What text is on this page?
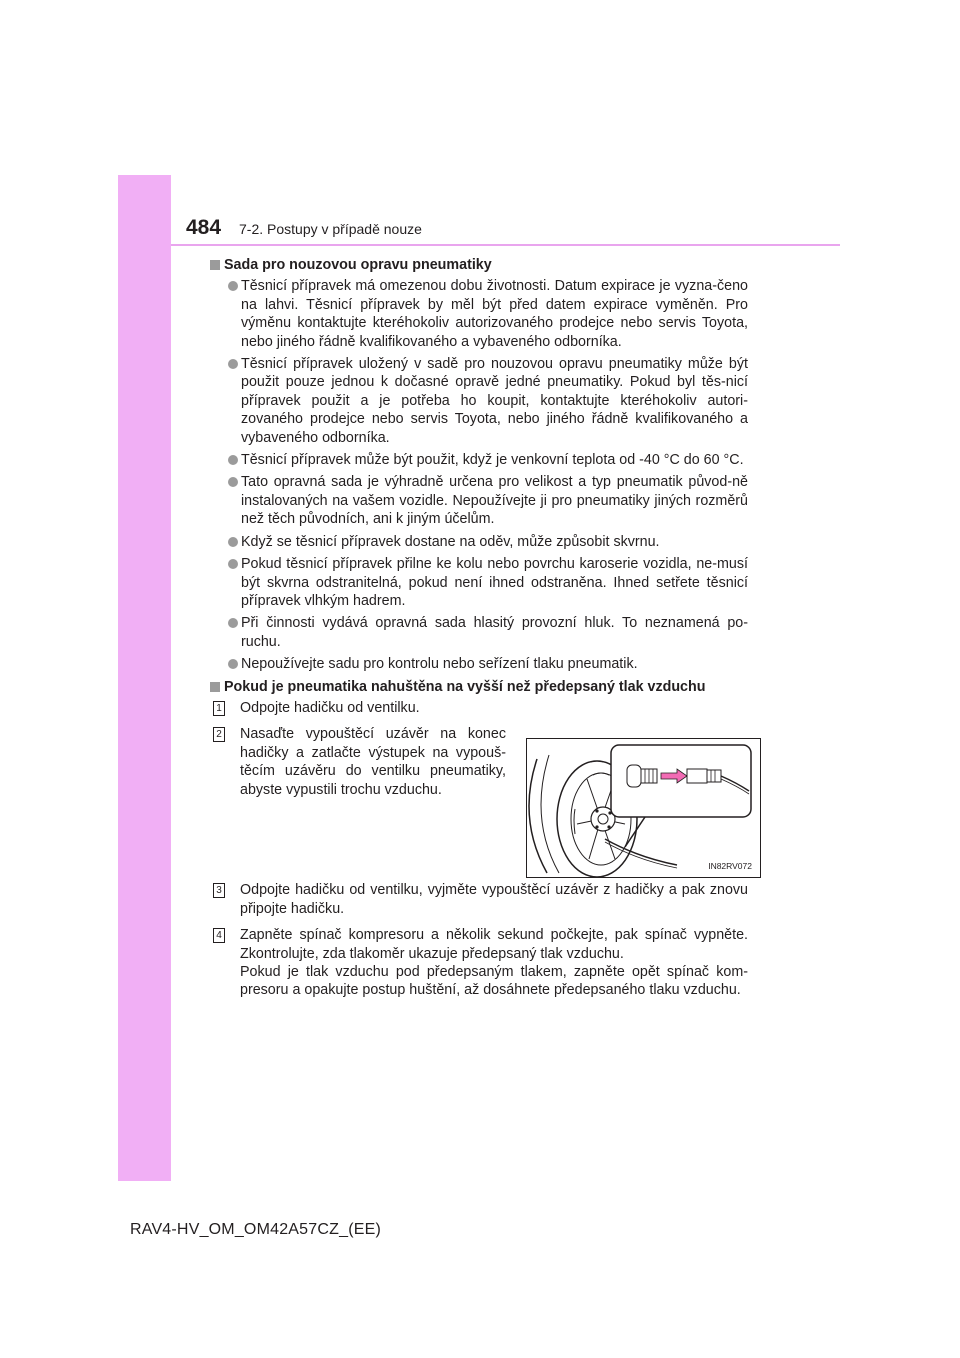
484 7-2. Postupy v případě nouze
Sada pro nouzovou opravu pneumatiky
Těsnicí přípravek má omezenou dobu životnosti. Datum expirace je vyzna-čeno na lahvi. Těsnicí přípravek by měl být před datem expirace vyměněn. Pro výměnu kontaktujte kteréhokoliv autorizovaného prodejce nebo servis Toyota, nebo jiného řádně kvalifikovaného a vybaveného odborníka.
Těsnicí přípravek uložený v sadě pro nouzovou opravu pneumatiky může být použit pouze jednou k dočasné opravě jedné pneumatiky. Pokud byl těs-nicí přípravek použit a je potřeba ho koupit, kontaktujte kteréhokoliv autori-zovaného prodejce nebo servis Toyota, nebo jiného řádně kvalifikovaného a vybaveného odborníka.
Těsnicí přípravek může být použit, když je venkovní teplota od -40 °C do 60 °C.
Tato opravná sada je výhradně určena pro velikost a typ pneumatik původ-ně instalovaných na vašem vozidle. Nepoužívejte ji pro pneumatiky jiných rozměrů než těch původních, ani k jiným účelům.
Když se těsnicí přípravek dostane na oděv, může způsobit skvrnu.
Pokud těsnicí přípravek přilne ke kolu nebo povrchu karoserie vozidla, ne-musí být skvrna odstranitelná, pokud není ihned odstraněna. Ihned setřete těsnicí přípravek vlhkým hadrem.
Při činnosti vydává opravná sada hlasitý provozní hluk. To neznamená po-ruchu.
Nepoužívejte sadu pro kontrolu nebo seřízení tlaku pneumatik.
Pokud je pneumatika nahuštěna na vyšší než předepsaný tlak vzduchu
1 Odpojte hadičku od ventilku.
2 Nasaďte vypouštěcí uzávěr na konec hadičky a zatlačte výstupek na vypouš-těcím uzávěru do ventilku pneumatiky, abyste vypustili trochu vzduchu.
3 Odpojte hadičku od ventilku, vyjměte vypouštěcí uzávěr z hadičky a pak znovu připojte hadičku.
4 Zapněte spínač kompresoru a několik sekund počkejte, pak spínač vypněte. Zkontrolujte, zda tlakoměr ukazuje předepsaný tlak vzduchu.
Pokud je tlak vzduchu pod předepsaným tlakem, zapněte opět spínač kom-presoru a opakujte postup huštění, až dosáhnete předepsaného tlaku vzduchu.
IN82RV072
RAV4-HV_OM_OM42A57CZ_(EE)
